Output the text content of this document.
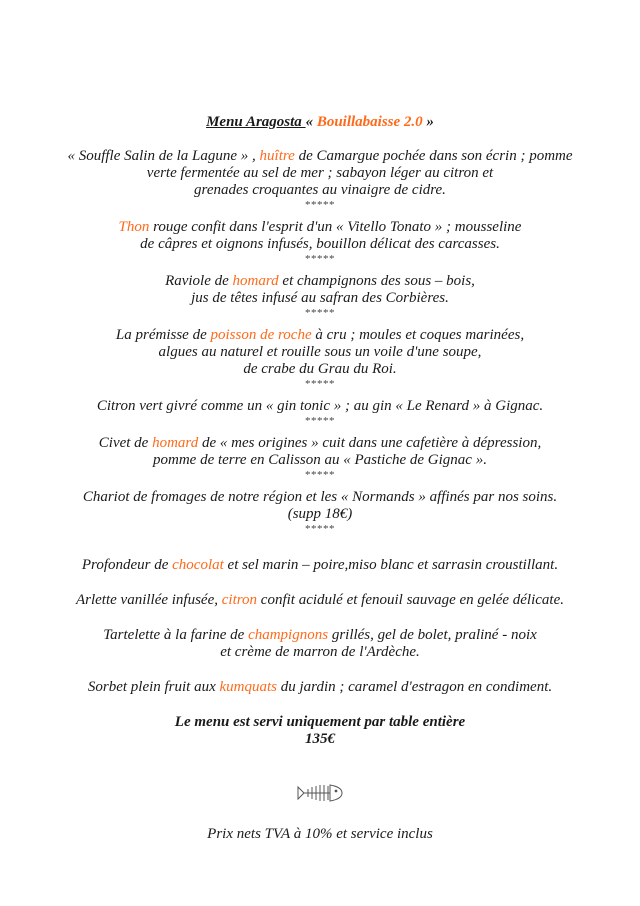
Menu Aragosta « Bouillabaisse 2.0 »
« Souffle Salin de la Lagune » , huître de Camargue pochée dans son écrin ; pomme
verte fermentée au sel de mer ; sabayon léger au citron et
grenades croquantes au vinaigre de cidre.
*****
Thon rouge confit dans l'esprit d'un « Vitello Tonato » ; mousseline
de câpres et oignons infusés, bouillon délicat des carcasses.
*****
Raviole de homard et champignons des sous – bois,
jus de têtes infusé au safran des Corbières.
*****
La prémisse de poisson de roche à cru ; moules et coques marinées,
algues au naturel et rouille sous un voile d'une soupe,
de crabe du Grau du Roi.
*****
Citron vert givré comme un « gin tonic » ; au gin « Le Renard » à Gignac.
*****
Civet de homard de « mes origines » cuit dans une cafetière à dépression,
pomme de terre en Calisson au « Pastiche de Gignac ».
*****
Chariot de fromages de notre région et les « Normands » affinés par nos soins.
(supp 18€)
*****
Profondeur de chocolat et sel marin – poire,miso blanc et sarrasin croustillant.
Arlette vanillée infusée, citron confit acidulé et fenouil sauvage en gelée délicate.
Tartelette à la farine de champignons grillés, gel de bolet, praliné - noix
et crème de marron de l'Ardèche.
Sorbet plein fruit aux kumquats du jardin ; caramel d'estragon en condiment.
Le menu est servi uniquement par table entière
135€
Prix nets TVA à 10% et service inclus
